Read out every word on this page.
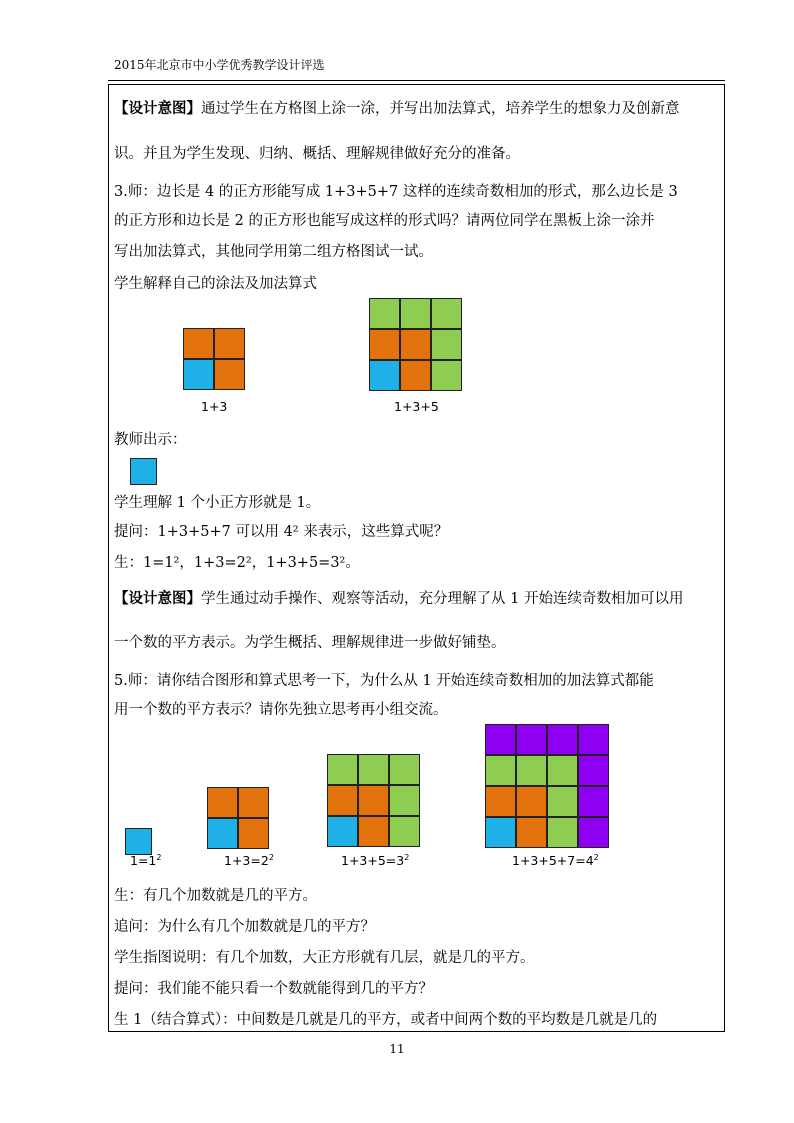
2015年北京市中小学优秀教学设计评选
【设计意图】通过学生在方格图上涂一涂，并写出加法算式，培养学生的想象力及创新意
识。并且为学生发现、归纳、概括、理解规律做好充分的准备。
3.师：边长是 4 的正方形能写成 1+3+5+7 这样的连续奇数相加的形式，那么边长是 3
的正方形和边长是 2 的正方形也能写成这样的形式吗？请两位同学在黑板上涂一涂并
写出加法算式，其他同学用第二组方格图试一试。
学生解释自己的涂法及加法算式
1+3	1+3+5
教师出示：
学生理解 1 个小正方形就是 1。
提问：1+3+5+7 可以用 4² 来表示，这些算式呢？
生：1=1²，1+3=2²，1+3+5=3²。
【设计意图】学生通过动手操作、观察等活动，充分理解了从 1 开始连续奇数相加可以用
一个数的平方表示。为学生概括、理解规律进一步做好铺垫。
5.师：请你结合图形和算式思考一下，为什么从 1 开始连续奇数相加的加法算式都能
用一个数的平方表示？请你先独立思考再小组交流。
$1=1^2$	$1+3=2^2$	$1+3+5=3^2$	$1+3+5+7=4^2$
生：有几个加数就是几的平方。
追问：为什么有几个加数就是几的平方？
学生指图说明：有几个加数，大正方形就有几层，就是几的平方。
提问：我们能不能只看一个数就能得到几的平方？
生 1（结合算式）：中间数是几就是几的平方，或者中间两个数的平均数是几就是几的
11
